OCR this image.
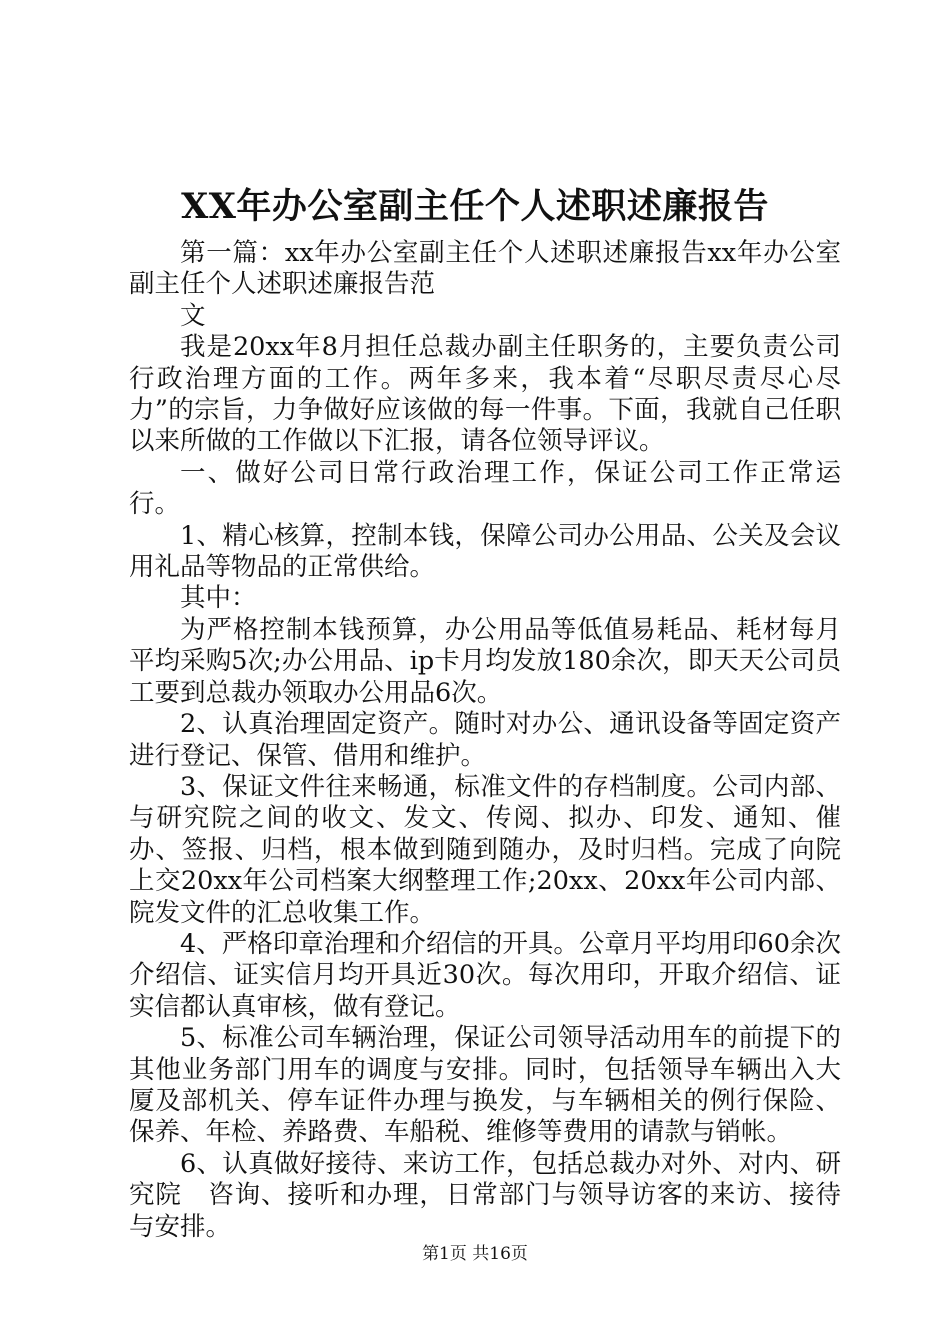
XX年办公室副主任个人述职述廉报告

第一篇：xx年办公室副主任个人述职述廉报告xx年办公室副主任个人述职述廉报告范

文

我是20xx年8月担任总裁办副主任职务的，主要负责公司行政治理方面的工作。两年多来，我本着“尽职尽责尽心尽力”的宗旨，力争做好应该做的每一件事。下面，我就自己任职以来所做的工作做以下汇报，请各位领导评议。

一、做好公司日常行政治理工作，保证公司工作正常运行。

1、精心核算，控制本钱，保障公司办公用品、公关及会议用礼品等物品的正常供给。

其中：

为严格控制本钱预算，办公用品等低值易耗品、耗材每月平均采购5次;办公用品、ip卡月均发放180余次，即天天公司员工要到总裁办领取办公用品6次。

2、认真治理固定资产。随时对办公、通讯设备等固定资产进行登记、保管、借用和维护。

3、保证文件往来畅通，标准文件的存档制度。公司内部、与研究院之间的收文、发文、传阅、拟办、印发、通知、催办、签报、归档，根本做到随到随办，及时归档。完成了向院上交20xx年公司档案大纲整理工作;20xx、20xx年公司内部、院发文件的汇总收集工作。

4、严格印章治理和介绍信的开具。公章月平均用印60余次介绍信、证实信月均开具近30次。每次用印，开取介绍信、证实信都认真审核，做有登记。

5、标准公司车辆治理，保证公司领导活动用车的前提下的其他业务部门用车的调度与安排。同时，包括领导车辆出入大厦及部机关、停车证件办理与换发，与车辆相关的例行保险、保养、年检、养路费、车船税、维修等费用的请款与销帐。

6、认真做好接待、来访工作，包括总裁办对外、对内、研究院　咨询、接听和办理，日常部门与领导访客的来访、接待与安排。

第1页 共16页
